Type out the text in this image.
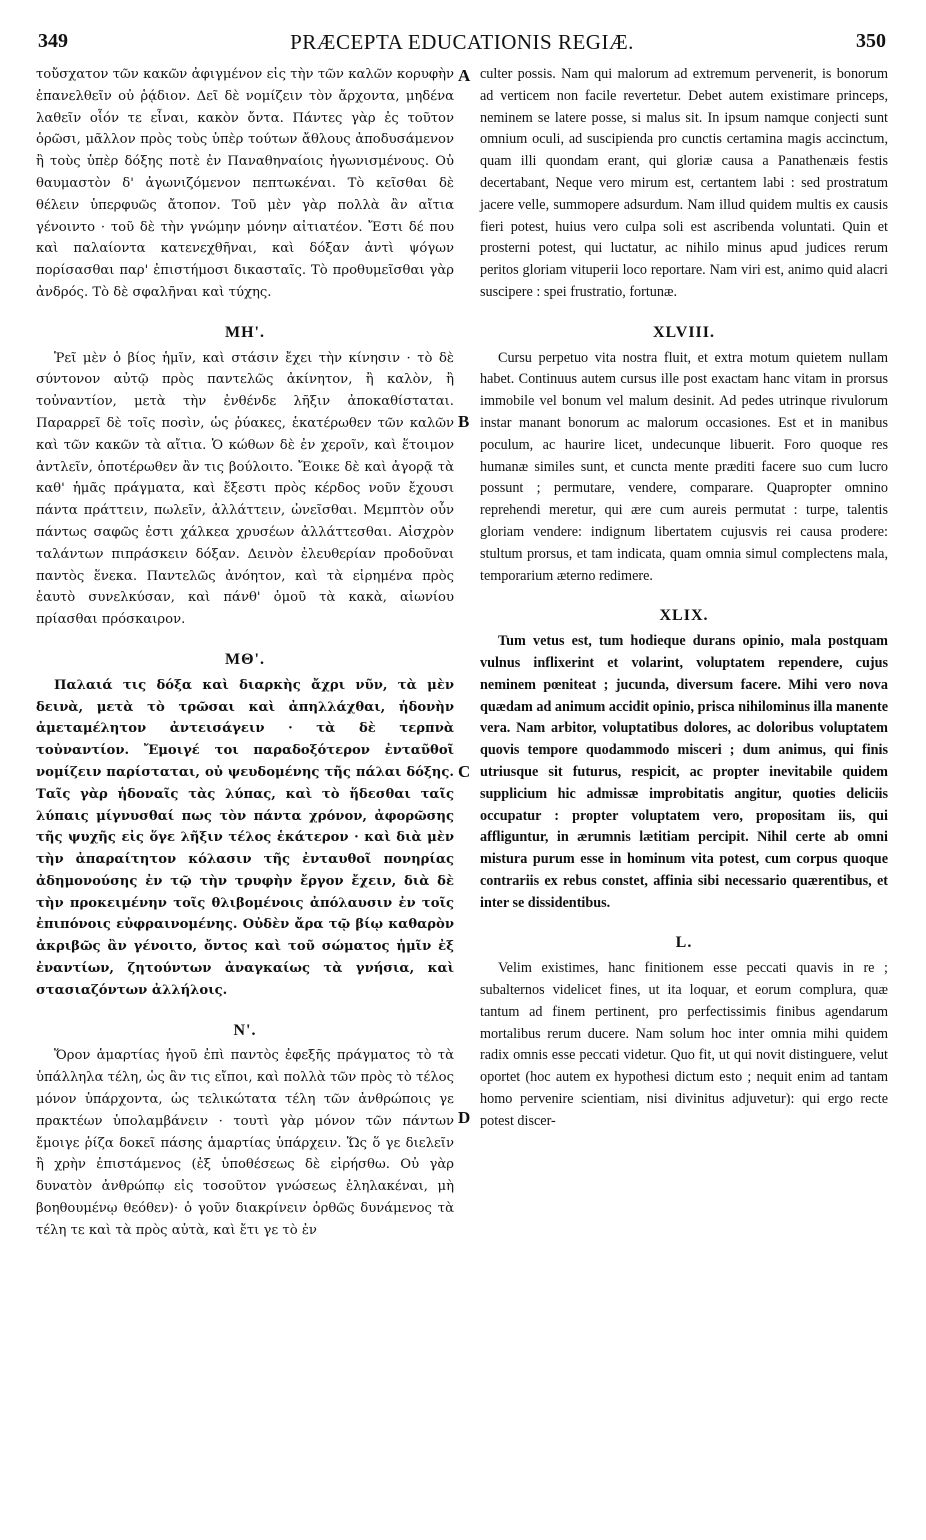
349	PRÆCEPTA EDUCATIONIS REGIÆ.	350

τοὔσχατον τῶν κακῶν ἀφιγμένον εἰς τὴν τῶν καλῶν κορυφὴν ἐπανελθεῖν οὐ ῥᾴδιον. Δεῖ δὲ νομίζειν τὸν ἄρχοντα, μηδένα λαθεῖν οἷόν τε εἶναι, κακὸν ὄντα. Πάντες γὰρ ἐς τοῦτον ὁρῶσι, μᾶλλον πρὸς τοὺς ὑπὲρ τούτων ἄθλους ἀποδυσάμενον ἢ τοὺς ὑπὲρ δόξης ποτὲ ἐν Παναθηναίοις ἠγωνισμένους. Οὐ θαυμαστὸν δ' ἀγωνιζόμενον πεπτωκέναι. Τὸ κεῖσθαι δὲ θέλειν ὑπερφυῶς ἄτοπον. Τοῦ μὲν γὰρ πολλὰ ἂν αἴτια γένοιντο · τοῦ δὲ τὴν γνώμην μόνην αἰτιατέον. Ἔστι δέ που καὶ παλαίοντα κατενεχθῆναι, καὶ δόξαν ἀντὶ ψόγων πορίσασθαι παρ' ἐπιστήμοσι δικασταῖς. Τὸ προθυμεῖσθαι γὰρ ἀνδρός. Τὸ δὲ σφαλῆναι καὶ τύχης.

ΜΗ'.

Ῥεῖ μὲν ὁ βίος ἡμῖν, καὶ στάσιν ἔχει τὴν κίνησιν · τὸ δὲ σύντονον αὐτῷ πρὸς παντελῶς ἀκίνητον, ἢ καλὸν, ἢ τοὐναντίον, μετὰ τὴν ἐνθένδε λῆξιν ἀποκαθίσταται. Παραρρεῖ δὲ τοῖς ποσὶν, ὡς ῥύακες, ἑκατέρωθεν τῶν καλῶν καὶ τῶν κακῶν τὰ αἴτια. Ὁ κώθων δὲ ἐν χεροῖν, καὶ ἕτοιμον ἀντλεῖν, ὁποτέρωθεν ἂν τις βούλοιτο. Ἔοικε δὲ καὶ ἀγορᾷ τὰ καθ' ἡμᾶς πράγματα, καὶ ἔξεστι πρὸς κέρδος νοῦν ἔχουσι πάντα πράττειν, πωλεῖν, ἀλλάττειν, ὠνεῖσθαι. Μεμπτὸν οὖν πάντως σαφῶς ἐστι χάλκεα χρυσέων ἀλλάττεσθαι. Αἰσχρὸν ταλάντων πιπράσκειν δόξαν. Δεινὸν ἐλευθερίαν προδοῦναι παντὸς ἕνεκα. Παντελῶς ἀνόητον, καὶ τὰ εἰρημένα πρὸς ἑαυτὸ συνελκύσαν, καὶ πάνθ' ὁμοῦ τὰ κακὰ, αἰωνίου πρίασθαι πρόσκαιρον.

ΜΘ'.

Παλαιά τις δόξα καὶ διαρκὴς ἄχρι νῦν, τὰ μὲν δεινὰ, μετὰ τὸ τρῶσαι καὶ ἀπηλλάχθαι, ἡδονὴν ἀμεταμέλητον ἀντεισάγειν · τὰ δὲ τερπνὰ τοὐναντίον. Ἔμοιγέ τοι παραδοξότερον ἐνταῦθοῖ νομίζειν παρίσταται, οὐ ψευδομένης τῆς πάλαι δόξης. Ταῖς γὰρ ἡδοναῖς τὰς λύπας, καὶ τὸ ἥδεσθαι ταῖς λύπαις μίγνυσθαί πως τὸν πάντα χρόνον, ἀφορῶσης τῆς ψυχῆς εἰς ὅγε λῆξιν τέλος ἑκάτερον · καὶ διὰ μὲν τὴν ἀπαραίτητον κόλασιν τῆς ἐνταυθοῖ πονηρίας ἀδημονούσης ἐν τῷ τὴν τρυφὴν ἔργον ἔχειν, διὰ δὲ τὴν προκειμένην τοῖς θλιβομένοις ἀπόλαυσιν ἐν τοῖς ἐπιπόνοις εὐφραινομένης. Οὐδὲν ἄρα τῷ βίῳ καθαρὸν ἀκριβῶς ἂν γένοιτο, ὄντος καὶ τοῦ σώματος ἡμῖν ἐξ ἐναντίων, ζητούντων ἀναγκαίως τὰ γνήσια, καὶ στασιαζόντων ἀλλήλοις.

Ν'.

Ὅρον ἁμαρτίας ἡγοῦ ἐπὶ παντὸς ἐφεξῆς πράγματος τὸ τὰ ὑπάλληλα τέλη, ὡς ἂν τις εἴποι, καὶ πολλὰ τῶν πρὸς τὸ τέλος μόνον ὑπάρχοντα, ὡς τελικώτατα τέλη τῶν ἀνθρώποις γε πρακτέων ὑπολαμβάνειν · τουτὶ γὰρ μόνον τῶν πάντων ἔμοιγε ῥίζα δοκεῖ πάσης ἁμαρτίας ὑπάρχειν. Ὥς ὅ γε διελεῖν ἢ χρὴν ἐπιστάμενος (ἐξ ὑποθέσεως δὲ εἰρήσθω. Οὐ γὰρ δυνατὸν ἀνθρώπῳ εἰς τοσοῦτον γνώσεως ἐληλακέναι, μὴ βοηθουμένῳ θεόθεν)· ὁ γοῦν διακρίνειν ὀρθῶς δυνάμενος τὰ τέλη τε καὶ τὰ πρὸς αὐτὰ, καὶ ἔτι γε τὸ ἐν

A
B
C
D

culter possis. Nam qui malorum ad extremum pervenerit, is bonorum ad verticem non facile revertetur. Debet autem existimare princeps, neminem se latere posse, si malus sit. In ipsum namque conjecti sunt omnium oculi, ad suscipienda pro cunctis certamina magis accinctum, quam illi quondam erant, qui gloriæ causa a Panathenæis festis decertabant, Neque vero mirum est, certantem labi : sed prostratum jacere velle, summopere adsurdum. Nam illud quidem multis ex causis fieri potest, huius vero culpa soli est ascribenda voluntati. Quin et prosterni potest, qui luctatur, ac nihilo minus apud judices rerum peritos gloriam vituperii loco reportare. Nam viri est, animo quid alacri suscipere : spei frustratio, fortunæ.

XLVIII.

Cursu perpetuo vita nostra fluit, et extra motum quietem nullam habet. Continuus autem cursus ille post exactam hanc vitam in prorsus immobile vel bonum vel malum desinit. Ad pedes utrinque rivulorum instar manant bonorum ac malorum occasiones. Est et in manibus poculum, ac haurire licet, undecunque libuerit. Foro quoque res humanæ similes sunt, et cuncta mente præditi facere suo cum lucro possunt ; permutare, vendere, comparare. Quapropter omnino reprehendi meretur, qui ære cum aureis permutat : turpe, talentis gloriam vendere: indignum libertatem cujusvis rei causa prodere: stultum prorsus, et tam indicata, quam omnia simul complectens mala, temporarium æterno redimere.

XLIX.

Tum vetus est, tum hodieque durans opinio, mala postquam vulnus inflixerint et volarint, voluptatem rependere, cujus neminem pœniteat ; jucunda, diversum facere. Mihi vero nova quædam ad animum accidit opinio, prisca nihilominus illa manente vera. Nam arbitor, voluptatibus dolores, ac doloribus voluptatem quovis tempore quodammodo misceri ; dum animus, qui finis utriusque sit futurus, respicit, ac propter inevitabile quidem supplicium hic admissæ improbitatis angitur, quoties deliciis occupatur : propter voluptatem vero, propositam iis, qui affliguntur, in ærumnis lætitiam percipit. Nihil certe ab omni mistura purum esse in hominum vita potest, cum corpus quoque contrariis ex rebus constet, affinia sibi necessario quærentibus, et inter se dissidentibus.

L.

Velim existimes, hanc finitionem esse peccati quavis in re ; subalternos videlicet fines, ut ita loquar, et eorum complura, quæ tantum ad finem pertinent, pro perfectissimis finibus agendarum mortalibus rerum ducere. Nam solum hoc inter omnia mihi quidem radix omnis esse peccati videtur. Quo fit, ut qui novit distinguere, velut oportet (hoc autem ex hypothesi dictum esto ; nequit enim ad tantam homo pervenire scientiam, nisi divinitus adjuvetur): qui ergo recte potest discer-
